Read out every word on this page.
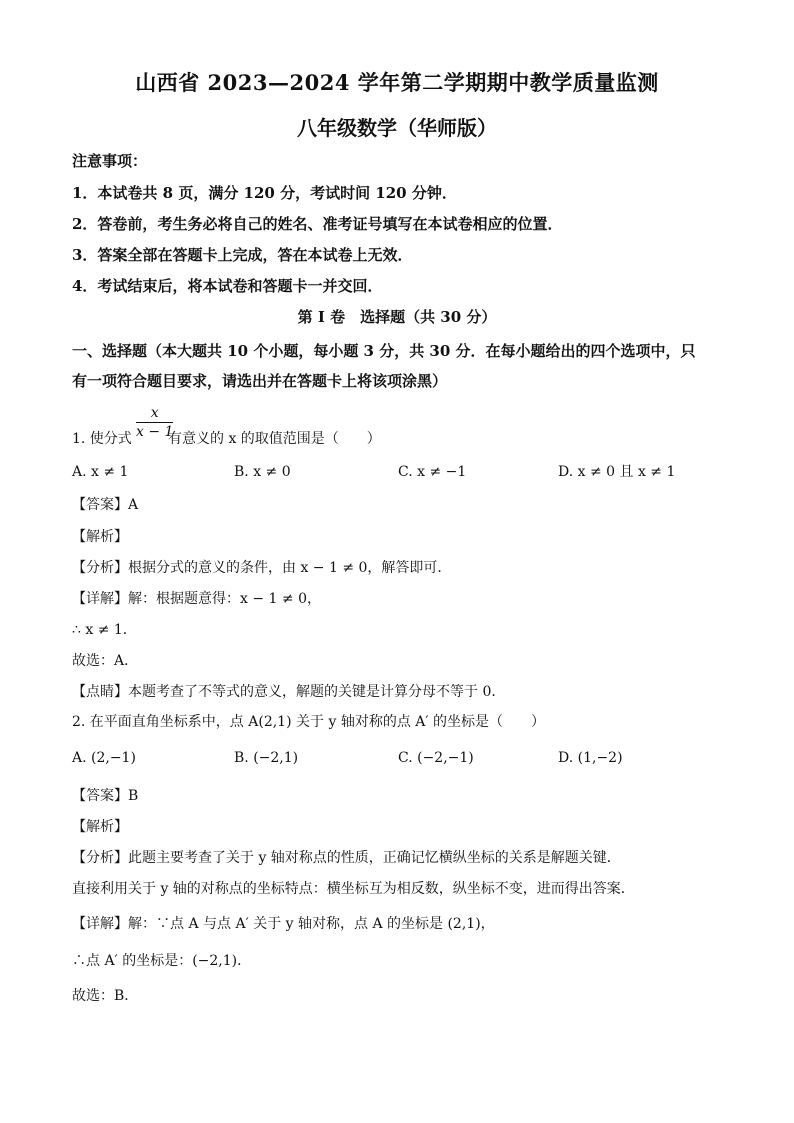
山西省 2023—2024 学年第二学期期中教学质量监测
八年级数学（华师版）
注意事项：
1．本试卷共 8 页，满分 120 分，考试时间 120 分钟．
2．答卷前，考生务必将自己的姓名、准考证号填写在本试卷相应的位置．
3．答案全部在答题卡上完成，答在本试卷上无效．
4．考试结束后，将本试卷和答题卡一并交回．
第 I 卷　选择题（共 30 分）
一、选择题（本大题共 10 个小题，每小题 3 分，共 30 分．在每小题给出的四个选项中，只
有一项符合题目要求，请选出并在答题卡上将该项涂黑）
1. 使分式 $\frac{x}{x - 1}$
有意义的 x 的取值范围是（　　）
A. x ≠ 1	B. x ≠ 0	C. x ≠ −1	D. x ≠ 0 且 x ≠ 1
【答案】A
【解析】
【分析】根据分式的意义的条件，由 x − 1 ≠ 0，解答即可．
【详解】解：根据题意得：x − 1 ≠ 0，
∴ x ≠ 1．
故选：A．
【点睛】本题考查了不等式的意义，解题的关键是计算分母不等于 0．
2. 在平面直角坐标系中，点 A(2,1) 关于 y 轴对称的点 A′ 的坐标是（　　）
A. (2,−1)	B. (−2,1)	C. (−2,−1)	D. (1,−2)
【答案】B
【解析】
【分析】此题主要考查了关于 y 轴对称点的性质，正确记忆横纵坐标的关系是解题关键．
直接利用关于 y 轴的对称点的坐标特点：横坐标互为相反数，纵坐标不变，进而得出答案．
【详解】解：∵点 A 与点 A′ 关于 y 轴对称，点 A 的坐标是 (2,1)，
∴点 A′ 的坐标是：(−2,1)．
故选：B．
